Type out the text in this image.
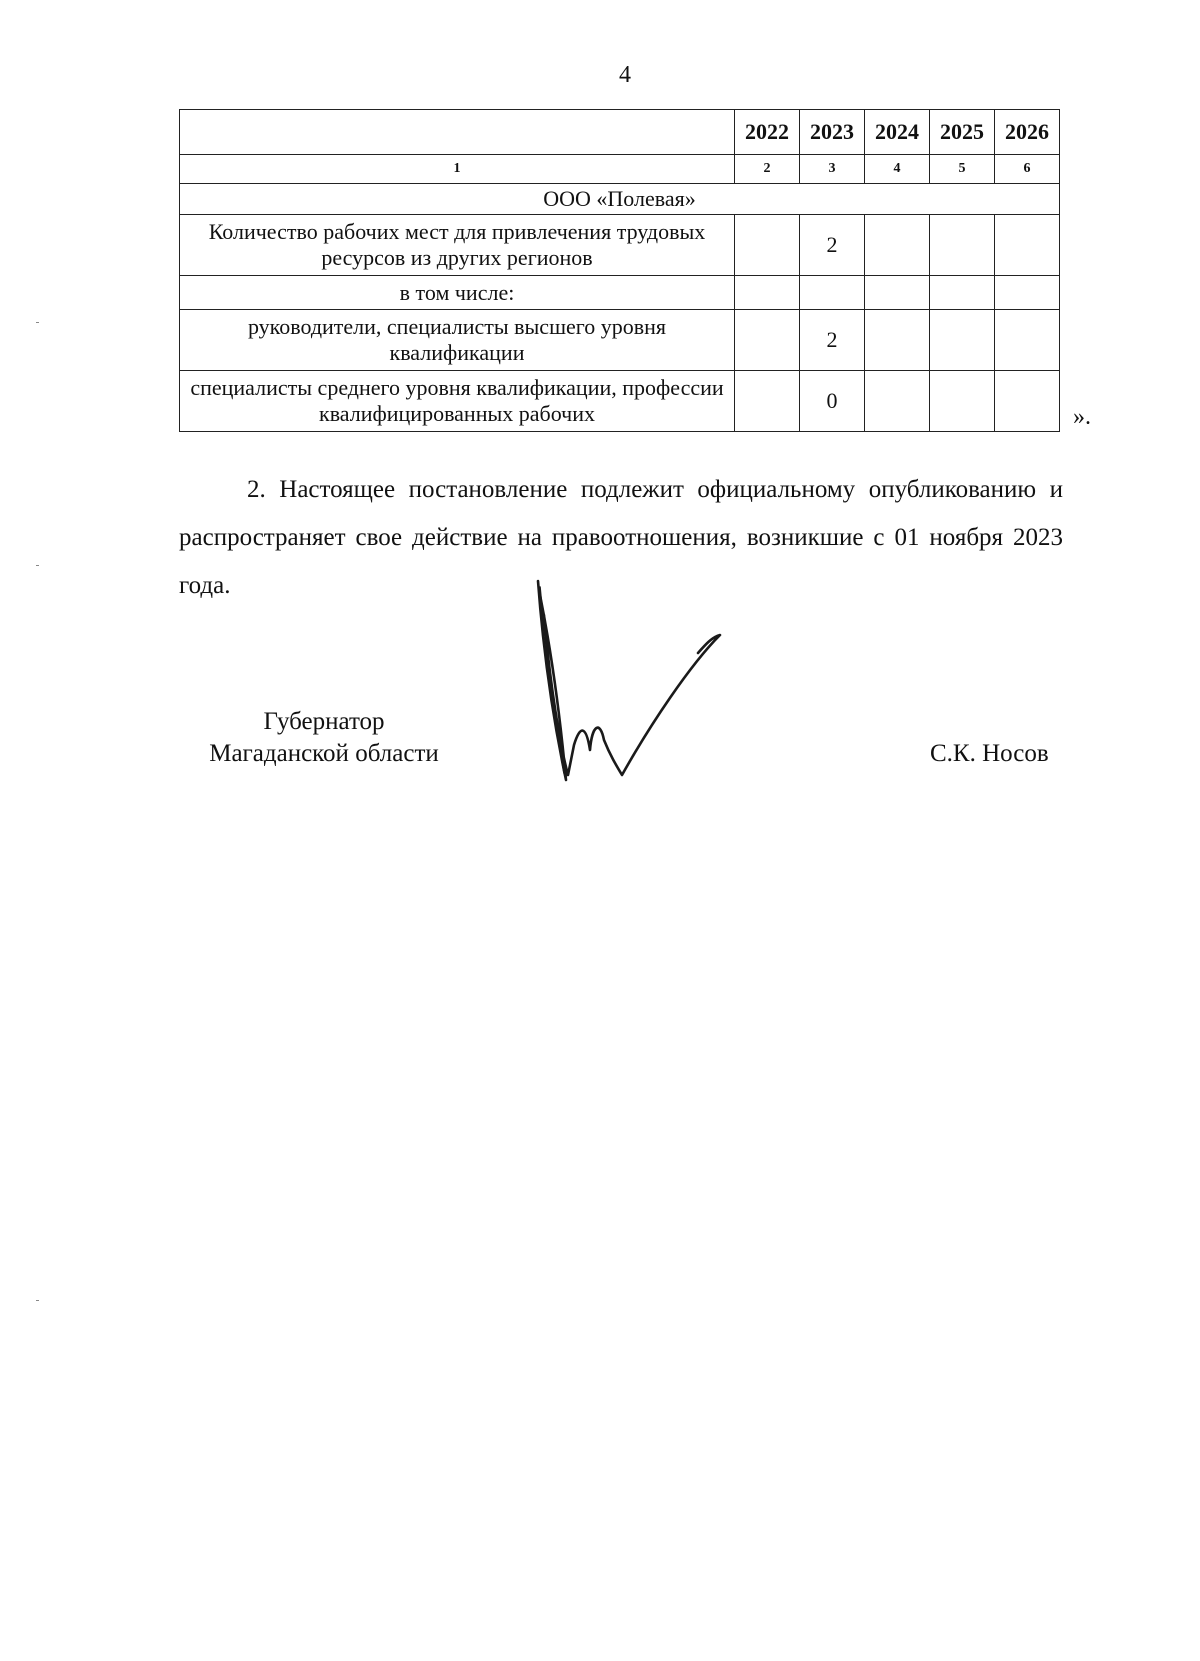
4
	2022	2023	2024	2025	2026
1	2	3	4	5	6
ООО «Полевая»					
Количество рабочих мест для привлечения трудовых ресурсов из других регионов		2			
в том числе:					
руководители, специалисты высшего уровня квалификации		2			
специалисты среднего уровня квалификации, профессии квалифицированных рабочих		0			
».

2. Настоящее постановление подлежит официальному опубликованию и распространяет свое действие на правоотношения, возникшие с 01 ноября 2023 года.

Губернатор
Магаданской области	С.К. Носов
